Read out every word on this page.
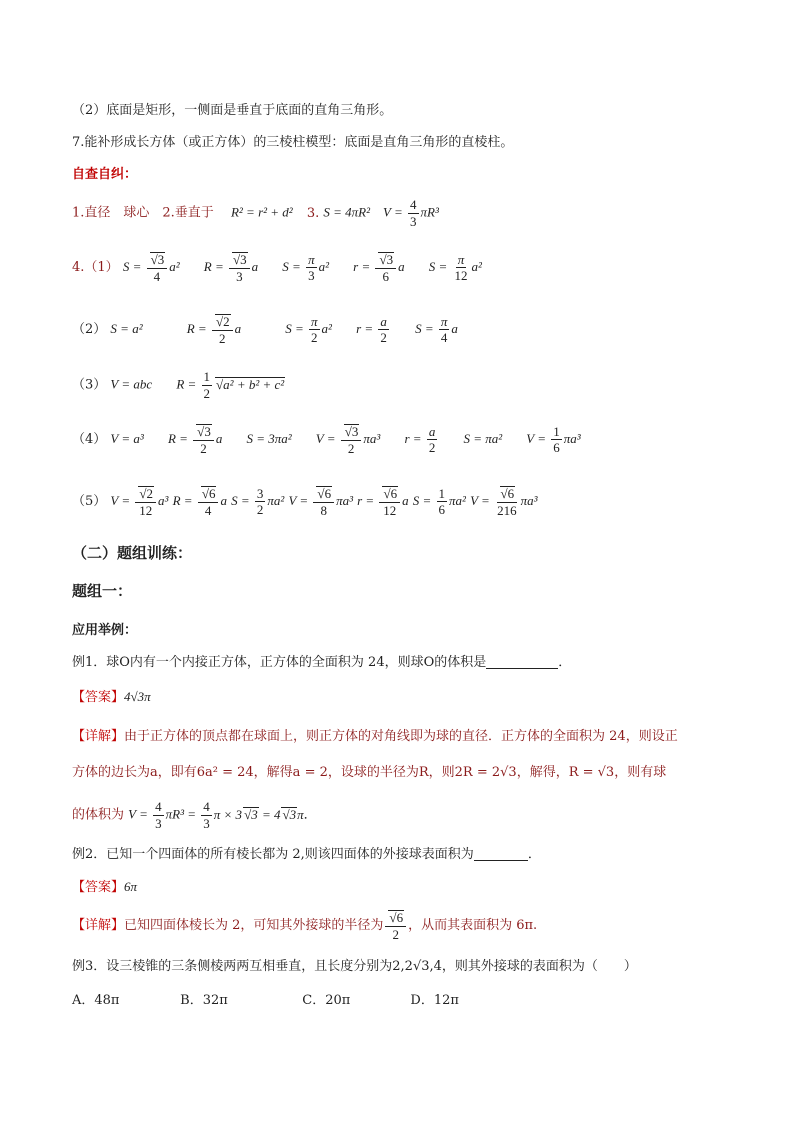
（2）底面是矩形，一侧面是垂直于底面的直角三角形。
7.能补形成长方体（或正方体）的三棱柱模型：底面是直角三角形的直棱柱。
自查自纠：
1.直径　球心　2.垂直于 　R² = r² + d² 3. S = 4πR²　$V = \frac{4}{3} \pi R^3$
4.（1） S = √ $\frac{3}{4} a^2$ R = √ $\frac{3}{3}$ a $S = \frac{\pi}{3} a^2$ r = √ $\frac{3}{6}$ a $S = \frac{\pi}{12} a^2$
（2） S = a²	R = √ $\frac{2}{2}$ a	$S = \frac{\pi}{2} a^2$ $r = \frac{a}{2}$ $S = \frac{\pi}{4}$ a
（3） V = abc $R = \frac{1}{2}$ √ a² + b² + c²
（4） V = a³ R = √ $\frac{3}{2}$ a S = 3πa² V = √ $\frac{3}{2} \pi a^3$ $r = \frac{a}{2}$ S = πa² $V = \frac{1}{6} \pi a^3$
（5） V = √ $\frac{2}{12} a^3$ R = √ $\frac{6}{4}$ a $S = \frac{3}{2} \pi a^2$ V = √ $\frac{6}{8} \pi a^3$ r = √ $\frac{6}{12}$ a $S = \frac{1}{6} \pi a^2$ V = √ $\frac{6}{216} \pi a^3$
（二）题组训练：
题组一：
应用举例：
例1．球O内有一个内接正方体，正方体的全面积为 24，则球O的体积是	．
【答案】4√3π
【详解】由于正方体的顶点都在球面上，则正方体的对角线即为球的直径．正方体的全面积为 24，则设正
方体的边长为a，即有6a² = 24，解得a = 2，设球的半径为R，则2R = 2√3，解得，R = √3，则有球
的体积为 $V = \frac{4}{3} \pi R^3 = \frac{4}{3}$ π × 3 √ 3 = 4 √ 3π．
例2．已知一个四面体的所有棱长都为 2,则该四面体的外接球表面积为	．
【答案】6π
【详解】已知四面体棱长为 2，可知其外接球的半径为 √ $\frac{6}{2}$ ，从而其表面积为 6π.
例3．设三棱锥的三条侧棱两两互相垂直，且长度分别为2,2√3,4，则其外接球的表面积为（　　）
A．48π	B．32π	C．20π	D．12π
